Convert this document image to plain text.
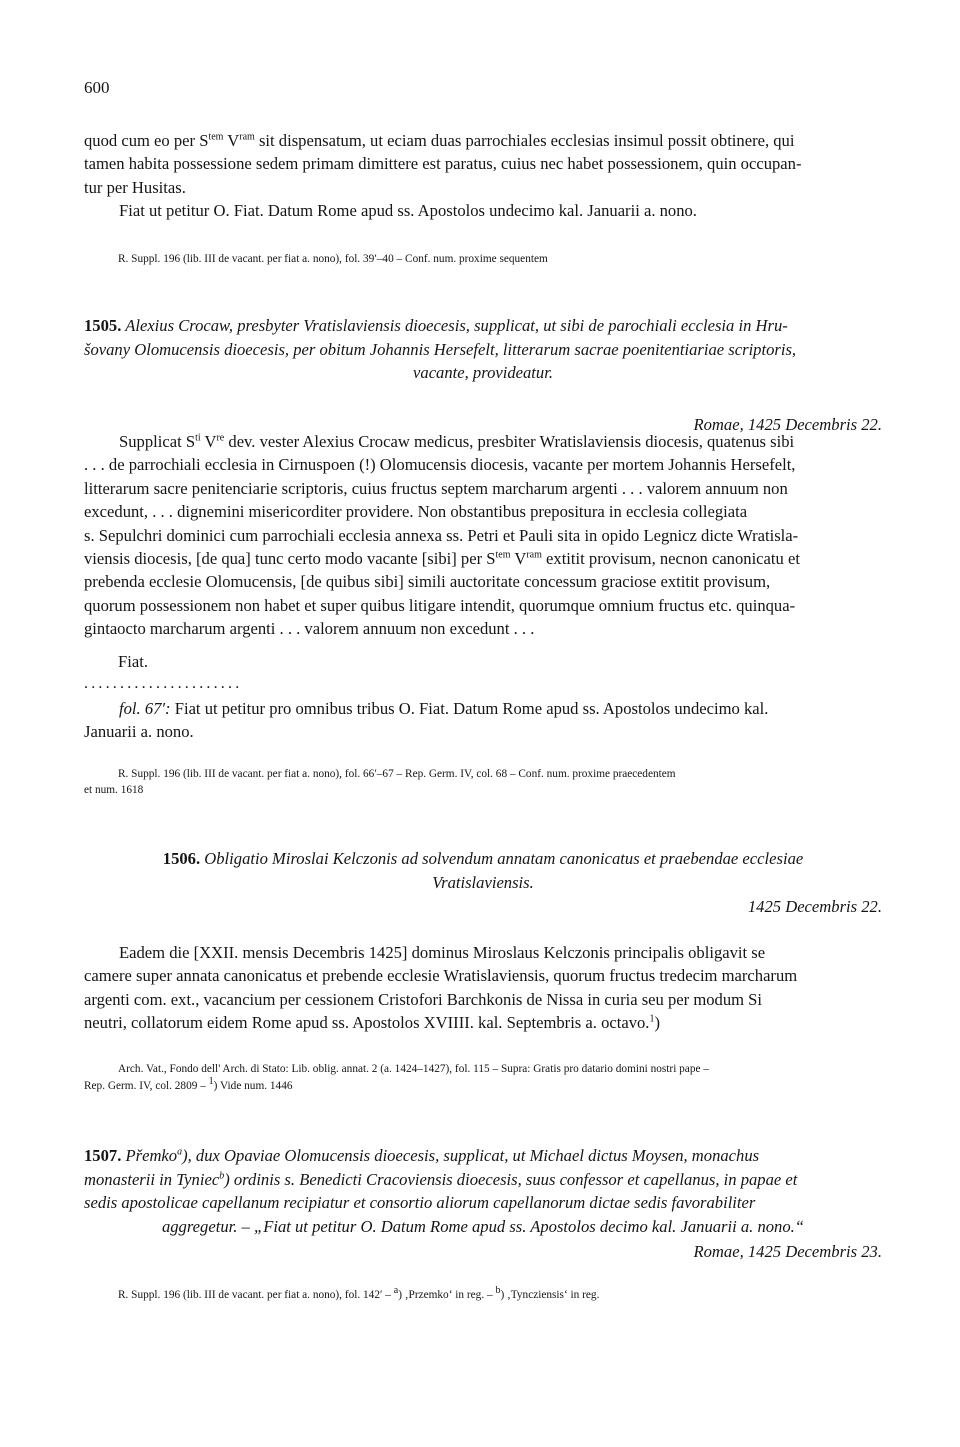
600
quod cum eo per $S^{tem}$ $V^{ram}$ sit dispensatum, ut eciam duas parrochiales ecclesias insimul possit obtinere, qui
tamen habita possessione sedem primam dimittere est paratus, cuius nec habet possessionem, quin occupan-
tur per Husitas.
Fiat ut petitur O. Fiat. Datum Rome apud ss. Apostolos undecimo kal. Januarii a. nono.
R. Suppl. 196 (lib. III de vacant. per fiat a. nono), fol. 39′–40 – Conf. num. proxime sequentem
1505. Alexius Crocaw, presbyter Vratislaviensis dioecesis, supplicat, ut sibi de parochiali ecclesia in Hru-
šovany Olomucensis dioecesis, per obitum Johannis Hersefelt, litterarum sacrae poenitentiariae scriptoris,
vacante, provideatur.
Romae, 1425 Decembris 22.
Supplicat $S^{ti}$ Vre dev. vester Alexius Crocaw medicus, presbiter Wratislaviensis diocesis, quatenus sibi
. . . de parrochiali ecclesia in Cirnuspoen (!) Olomucensis diocesis, vacante per mortem Johannis Hersefelt,
litterarum sacre penitenciarie scriptoris, cuius fructus septem marcharum argenti . . . valorem annuum non
excedunt, . . . dignemini misericorditer providere. Non obstantibus prepositura in ecclesia collegiata
s. Sepulchri dominici cum parrochiali ecclesia annexa ss. Petri et Pauli sita in opido Legnicz dicte Wratisla-
viensis diocesis, [de qua] tunc certo modo vacante [sibi] per $S^{tem}$ $V^{ram}$ extitit provisum, necnon canonicatu et
prebenda ecclesie Olomucensis, [de quibus sibi] simili auctoritate concessum graciose extitit provisum,
quorum possessionem non habet et super quibus litigare intendit, quorumque omnium fructus etc. quinqua-
gintaocto marcharum argenti . . . valorem annuum non excedunt . . .
Fiat.
......................
fol. 67′: Fiat ut petitur pro omnibus tribus O. Fiat. Datum Rome apud ss. Apostolos undecimo kal.
Januarii a. nono.
R. Suppl. 196 (lib. III de vacant. per fiat a. nono), fol. 66′–67 – Rep. Germ. IV, col. 68 – Conf. num. proxime praecedentem
et num. 1618
1506. Obligatio Miroslai Kelczonis ad solvendum annatam canonicatus et praebendae ecclesiae
Vratislaviensis.
1425 Decembris 22.
Eadem die [XXII. mensis Decembris 1425] dominus Miroslaus Kelczonis principalis obligavit se
camere super annata canonicatus et prebende ecclesie Wratislaviensis, quorum fructus tredecim marcharum
argenti com. ext., vacancium per cessionem Cristofori Barchkonis de Nissa in curia seu per modum Si
neutri, collatorum eidem Rome apud ss. Apostolos XVIIII. kal. Septembris a. octavo.$^1$)
Arch. Vat., Fondo dell' Arch. di Stato: Lib. oblig. annat. 2 (a. 1424–1427), fol. 115 – Supra: Gratis pro datario domini nostri pape –
Rep. Germ. IV, col. 2809 – $^1$) Vide num. 1446
1507. Přemko$^a$), dux Opaviae Olomucensis dioecesis, supplicat, ut Michael dictus Moysen, monachus
monasterii in Tyniec$^b$) ordinis s. Benedicti Cracoviensis dioecesis, suus confessor et capellanus, in papae et
sedis apostolicae capellanum recipiatur et consortio aliorum capellanorum dictae sedis favorabiliter
aggregetur. – „Fiat ut petitur O. Datum Rome apud ss. Apostolos decimo kal. Januarii a. nono.“
Romae, 1425 Decembris 23.
R. Suppl. 196 (lib. III de vacant. per fiat a. nono), fol. 142′ – $^a$) ‚Przemko‘ in reg. – $^b$) ‚Tyncziensis‘ in reg.
